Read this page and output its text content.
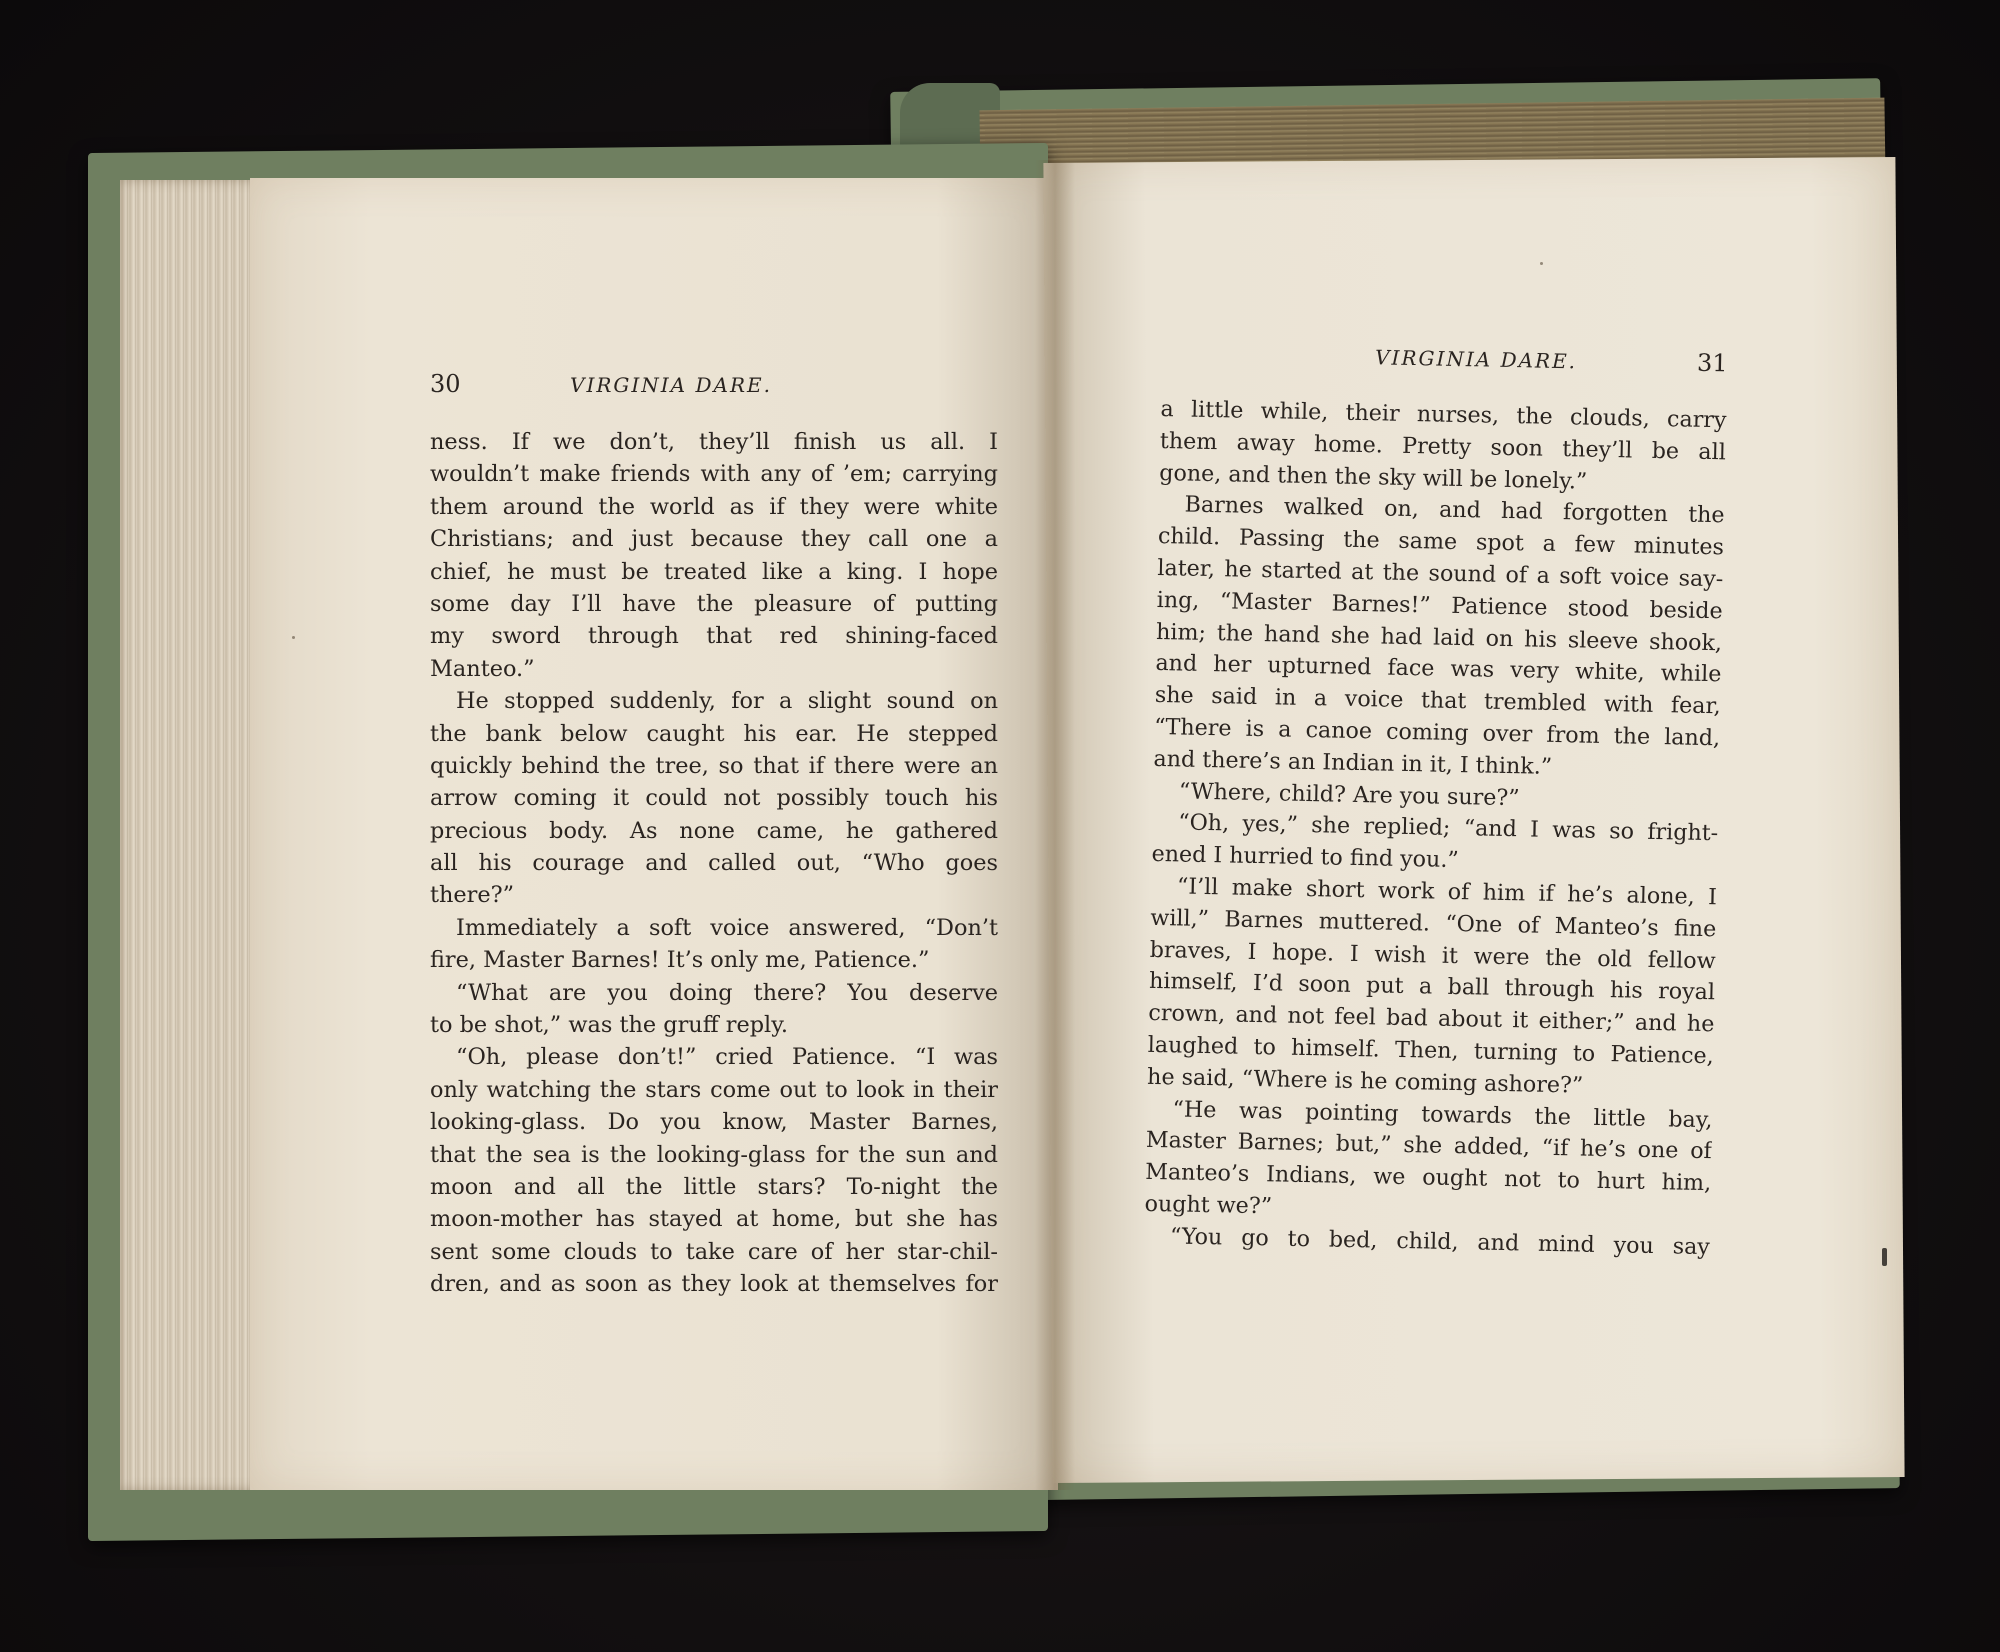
30	VIRGINIA DARE.
ness. If we don’t, they’ll finish us all. I
wouldn’t make friends with any of ’em; carrying
them around the world as if they were white
Christians; and just because they call one a
chief, he must be treated like a king. I hope
some day I’ll have the pleasure of putting
my sword through that red shining-faced
Manteo.”
He stopped suddenly, for a slight sound on
the bank below caught his ear. He stepped
quickly behind the tree, so that if there were an
arrow coming it could not possibly touch his
precious body. As none came, he gathered
all his courage and called out, “Who goes
there?”
Immediately a soft voice answered, “Don’t
fire, Master Barnes! It’s only me, Patience.”
“What are you doing there? You deserve
to be shot,” was the gruff reply.
“Oh, please don’t!” cried Patience. “I was
only watching the stars come out to look in their
looking-glass. Do you know, Master Barnes,
that the sea is the looking-glass for the sun and
moon and all the little stars? To-night the
moon-mother has stayed at home, but she has
sent some clouds to take care of her star-chil-
dren, and as soon as they look at themselves for
VIRGINIA DARE.	31
a little while, their nurses, the clouds, carry
them away home. Pretty soon they’ll be all
gone, and then the sky will be lonely.”
Barnes walked on, and had forgotten the
child. Passing the same spot a few minutes
later, he started at the sound of a soft voice say-
ing, “Master Barnes!” Patience stood beside
him; the hand she had laid on his sleeve shook,
and her upturned face was very white, while
she said in a voice that trembled with fear,
“There is a canoe coming over from the land,
and there’s an Indian in it, I think.”
“Where, child? Are you sure?”
“Oh, yes,” she replied; “and I was so fright-
ened I hurried to find you.”
“I’ll make short work of him if he’s alone, I
will,” Barnes muttered. “One of Manteo’s fine
braves, I hope. I wish it were the old fellow
himself, I’d soon put a ball through his royal
crown, and not feel bad about it either;” and he
laughed to himself. Then, turning to Patience,
he said, “Where is he coming ashore?”
“He was pointing towards the little bay,
Master Barnes; but,” she added, “if he’s one of
Manteo’s Indians, we ought not to hurt him,
ought we?”
“You go to bed, child, and mind you say
